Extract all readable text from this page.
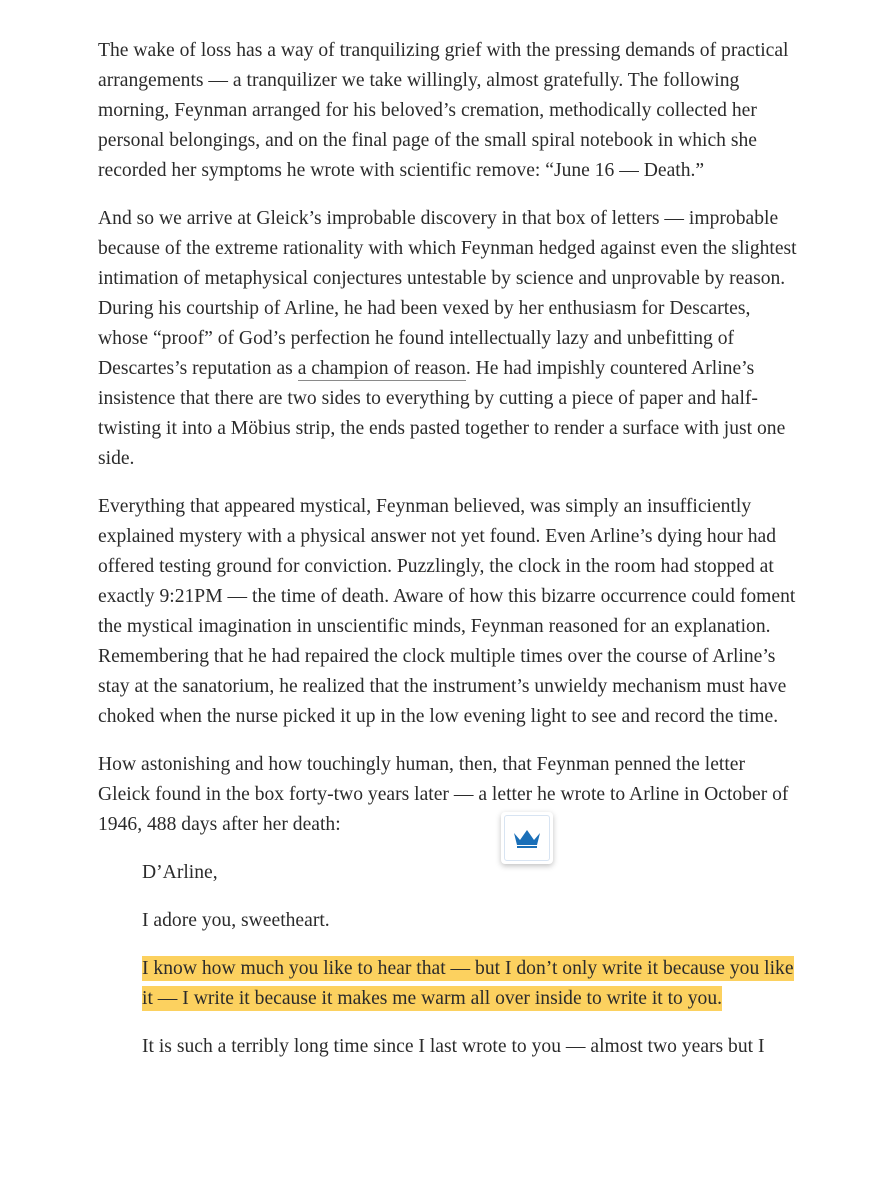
The wake of loss has a way of tranquilizing grief with the pressing demands of practical arrangements — a tranquilizer we take willingly, almost gratefully. The following morning, Feynman arranged for his beloved’s cremation, methodically collected her personal belongings, and on the final page of the small spiral notebook in which she recorded her symptoms he wrote with scientific remove: “June 16 — Death.”

And so we arrive at Gleick’s improbable discovery in that box of letters — improbable because of the extreme rationality with which Feynman hedged against even the slightest intimation of metaphysical conjectures untestable by science and unprovable by reason. During his courtship of Arline, he had been vexed by her enthusiasm for Descartes, whose “proof” of God’s perfection he found intellectually lazy and unbefitting of Descartes’s reputation as a champion of reason. He had impishly countered Arline’s insistence that there are two sides to everything by cutting a piece of paper and half-twisting it into a Möbius strip, the ends pasted together to render a surface with just one side.

Everything that appeared mystical, Feynman believed, was simply an insufficiently explained mystery with a physical answer not yet found. Even Arline’s dying hour had offered testing ground for conviction. Puzzlingly, the clock in the room had stopped at exactly 9:21PM — the time of death. Aware of how this bizarre occurrence could foment the mystical imagination in unscientific minds, Feynman reasoned for an explanation. Remembering that he had repaired the clock multiple times over the course of Arline’s stay at the sanatorium, he realized that the instrument’s unwieldy mechanism must have choked when the nurse picked it up in the low evening light to see and record the time.

How astonishing and how touchingly human, then, that Feynman penned the letter Gleick found in the box forty-two years later — a letter he wrote to Arline in October of 1946, 488 days after her death:

D’Arline,

I adore you, sweetheart.

I know how much you like to hear that — but I don’t only write it because you like it — I write it because it makes me warm all over inside to write it to you.

It is such a terribly long time since I last wrote to you — almost two years but I
